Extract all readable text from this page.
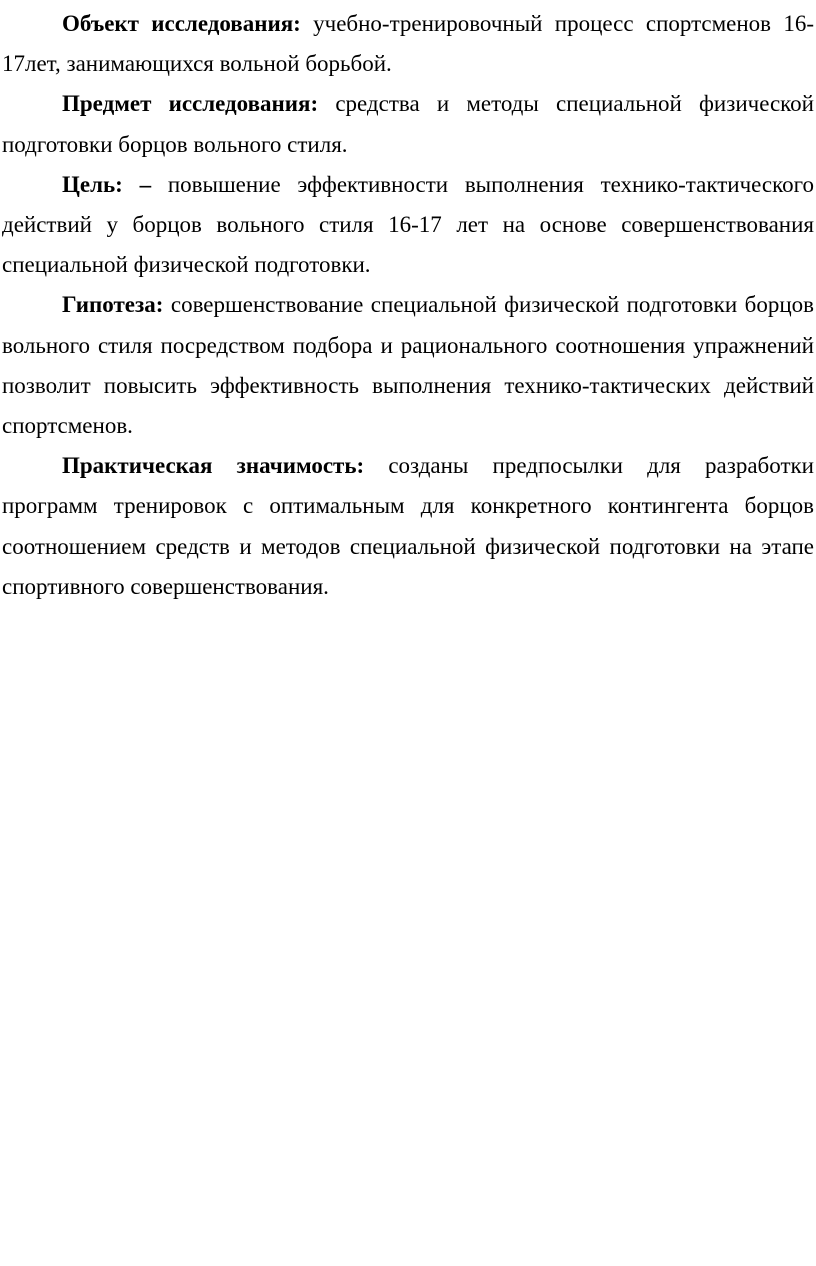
Объект исследования: учебно-тренировочный процесс спортсменов 16-17лет, занимающихся вольной борьбой.

Предмет исследования: средства и методы специальной физической подготовки борцов вольного стиля.

Цель: – повышение эффективности выполнения технико-тактического действий у борцов вольного стиля 16-17 лет на основе совершенствования специальной физической подготовки.

Гипотеза: совершенствование специальной физической подготовки борцов вольного стиля посредством подбора и рационального соотношения упражнений позволит повысить эффективность выполнения технико-тактических действий спортсменов.

Практическая значимость: созданы предпосылки для разработки программ тренировок с оптимальным для конкретного контингента борцов соотношением средств и методов специальной физической подготовки на этапе спортивного совершенствования.
